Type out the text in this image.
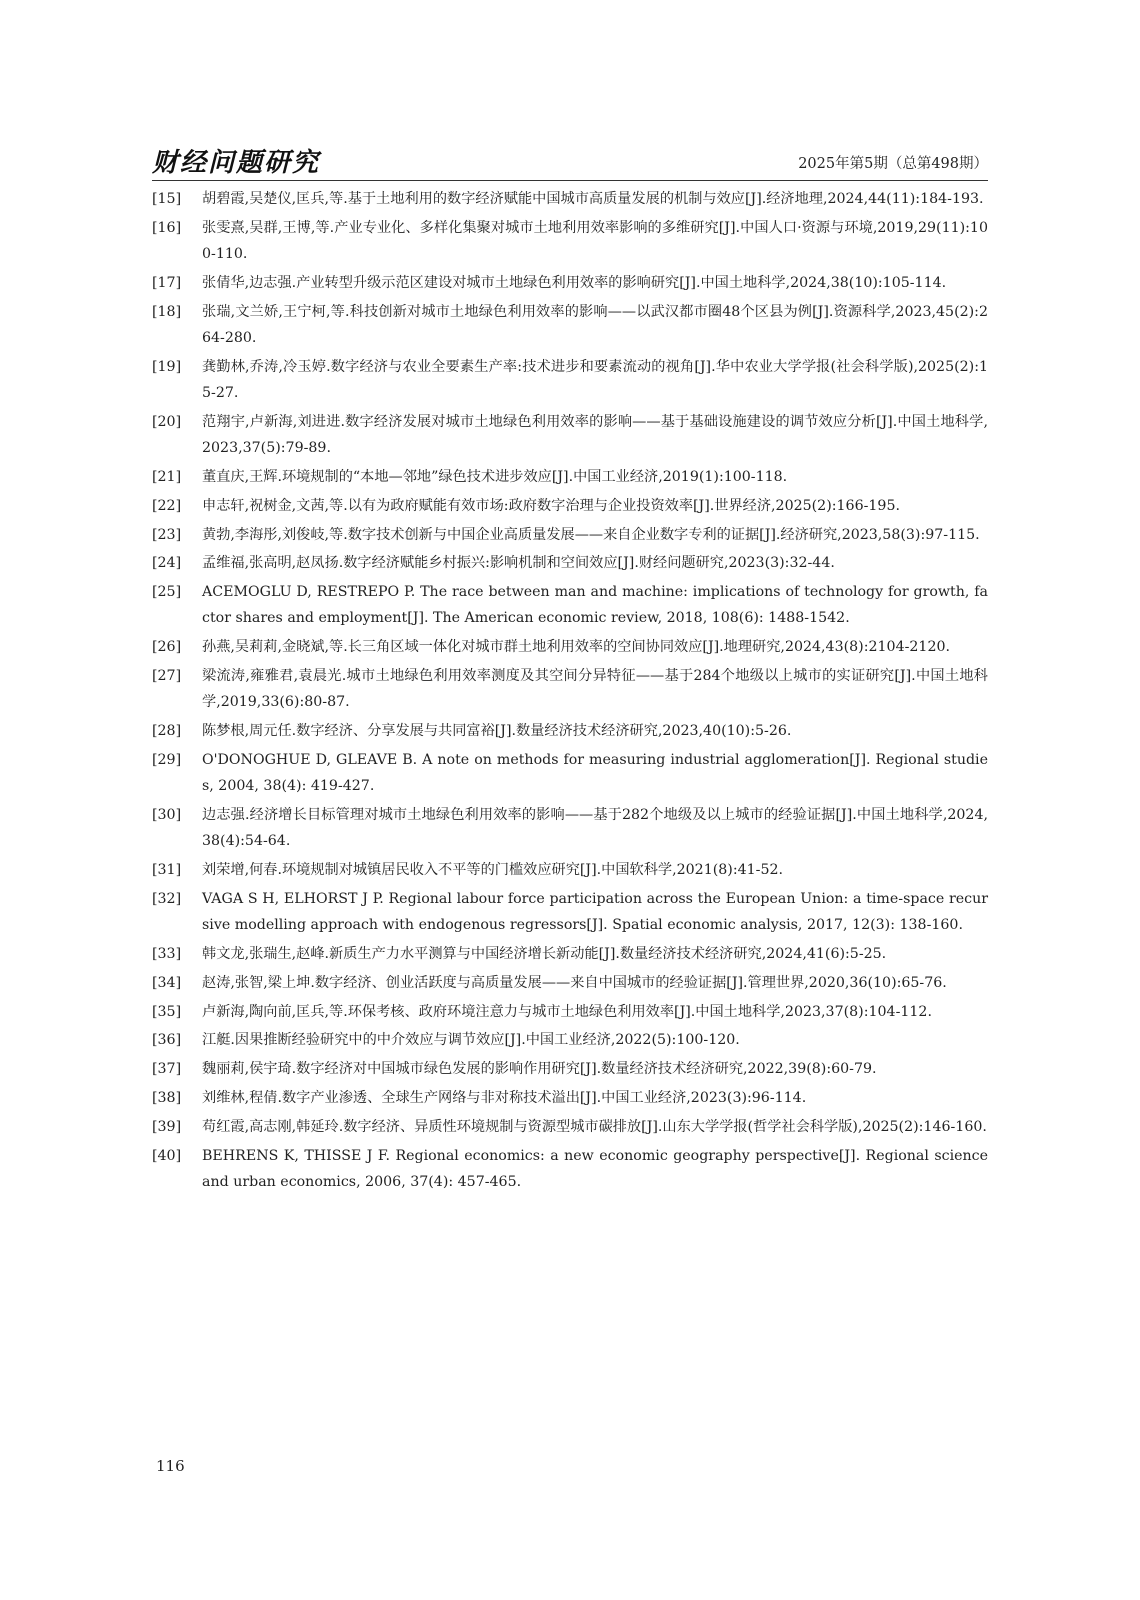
财经问题研究	2025年第5期（总第498期）
[15]	胡碧霞,吴楚仪,匡兵,等.基于土地利用的数字经济赋能中国城市高质量发展的机制与效应[J].经济地理,2024,44(11):184-193.
[16]	张雯熹,吴群,王博,等.产业专业化、多样化集聚对城市土地利用效率影响的多维研究[J].中国人口·资源与环境,2019,29(11):100-110.
[17]	张倩华,边志强.产业转型升级示范区建设对城市土地绿色利用效率的影响研究[J].中国土地科学,2024,38(10):105-114.
[18]	张瑞,文兰娇,王宁柯,等.科技创新对城市土地绿色利用效率的影响——以武汉都市圈48个区县为例[J].资源科学,2023,45(2):264-280.
[19]	龚勤林,乔涛,冷玉婷.数字经济与农业全要素生产率:技术进步和要素流动的视角[J].华中农业大学学报(社会科学版),2025(2):15-27.
[20]	范翔宇,卢新海,刘进进.数字经济发展对城市土地绿色利用效率的影响——基于基础设施建设的调节效应分析[J].中国土地科学,2023,37(5):79-89.
[21]	董直庆,王辉.环境规制的“本地—邻地”绿色技术进步效应[J].中国工业经济,2019(1):100-118.
[22]	申志轩,祝树金,文茜,等.以有为政府赋能有效市场:政府数字治理与企业投资效率[J].世界经济,2025(2):166-195.
[23]	黄勃,李海彤,刘俊岐,等.数字技术创新与中国企业高质量发展——来自企业数字专利的证据[J].经济研究,2023,58(3):97-115.
[24]	孟维福,张高明,赵凤扬.数字经济赋能乡村振兴:影响机制和空间效应[J].财经问题研究,2023(3):32-44.
[25]	ACEMOGLU D, RESTREPO P. The race between man and machine: implications of technology for growth, factor shares and employment[J]. The American economic review, 2018, 108(6): 1488-1542.
[26]	孙燕,吴莉莉,金晓斌,等.长三角区域一体化对城市群土地利用效率的空间协同效应[J].地理研究,2024,43(8):2104-2120.
[27]	梁流涛,雍雅君,袁晨光.城市土地绿色利用效率测度及其空间分异特征——基于284个地级以上城市的实证研究[J].中国土地科学,2019,33(6):80-87.
[28]	陈梦根,周元任.数字经济、分享发展与共同富裕[J].数量经济技术经济研究,2023,40(10):5-26.
[29]	O'DONOGHUE D, GLEAVE B. A note on methods for measuring industrial agglomeration[J]. Regional studies, 2004, 38(4): 419-427.
[30]	边志强.经济增长目标管理对城市土地绿色利用效率的影响——基于282个地级及以上城市的经验证据[J].中国土地科学,2024,38(4):54-64.
[31]	刘荣增,何春.环境规制对城镇居民收入不平等的门槛效应研究[J].中国软科学,2021(8):41-52.
[32]	VAGA S H, ELHORST J P. Regional labour force participation across the European Union: a time-space recursive modelling approach with endogenous regressors[J]. Spatial economic analysis, 2017, 12(3): 138-160.
[33]	韩文龙,张瑞生,赵峰.新质生产力水平测算与中国经济增长新动能[J].数量经济技术经济研究,2024,41(6):5-25.
[34]	赵涛,张智,梁上坤.数字经济、创业活跃度与高质量发展——来自中国城市的经验证据[J].管理世界,2020,36(10):65-76.
[35]	卢新海,陶向前,匡兵,等.环保考核、政府环境注意力与城市土地绿色利用效率[J].中国土地科学,2023,37(8):104-112.
[36]	江艇.因果推断经验研究中的中介效应与调节效应[J].中国工业经济,2022(5):100-120.
[37]	魏丽莉,侯宇琦.数字经济对中国城市绿色发展的影响作用研究[J].数量经济技术经济研究,2022,39(8):60-79.
[38]	刘维林,程倩.数字产业渗透、全球生产网络与非对称技术溢出[J].中国工业经济,2023(3):96-114.
[39]	苟红霞,高志刚,韩延玲.数字经济、异质性环境规制与资源型城市碳排放[J].山东大学学报(哲学社会科学版),2025(2):146-160.
[40]	BEHRENS K, THISSE J F. Regional economics: a new economic geography perspective[J]. Regional science and urban economics, 2006, 37(4): 457-465.
116
